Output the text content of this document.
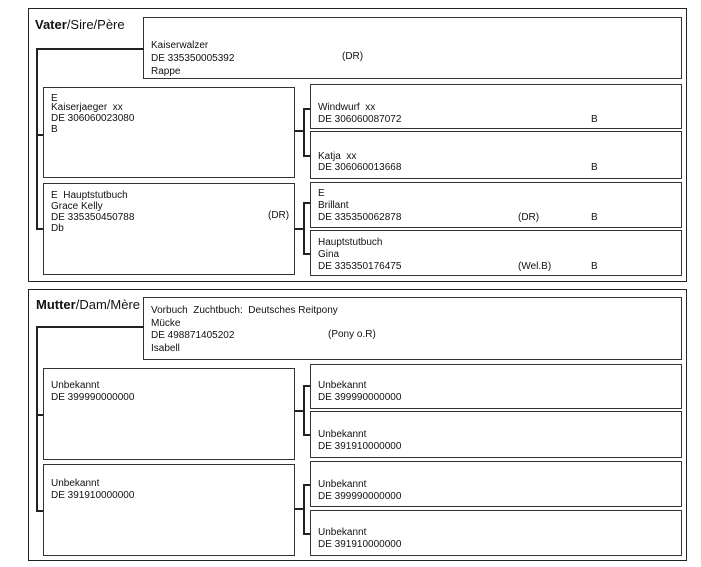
Vater/Sire/Père
Kaiserwalzer
DE 335350005392	(DR)
Rappe
E
Kaiserjaeger  xx
DE 306060023080
B
E  Hauptstutbuch
Grace Kelly
DE 335350450788	(DR)
Db
Windwurf  xx
DE 306060087072	B
Katja  xx
DE 306060013668	B
E
Brillant
DE 335350062878	(DR)	B
Hauptstutbuch
Gina
DE 335350176475	(Wel.B)	B
Mutter/Dam/Mère Vorbuch  Zuchtbuch:  Deutsches Reitpony
Mücke
DE 498871405202	(Pony o.R)
Isabell
Unbekannt
DE 399990000000
Unbekannt
DE 391910000000
Unbekannt
DE 399990000000
Unbekannt
DE 391910000000
Unbekannt
DE 399990000000
Unbekannt
DE 391910000000
